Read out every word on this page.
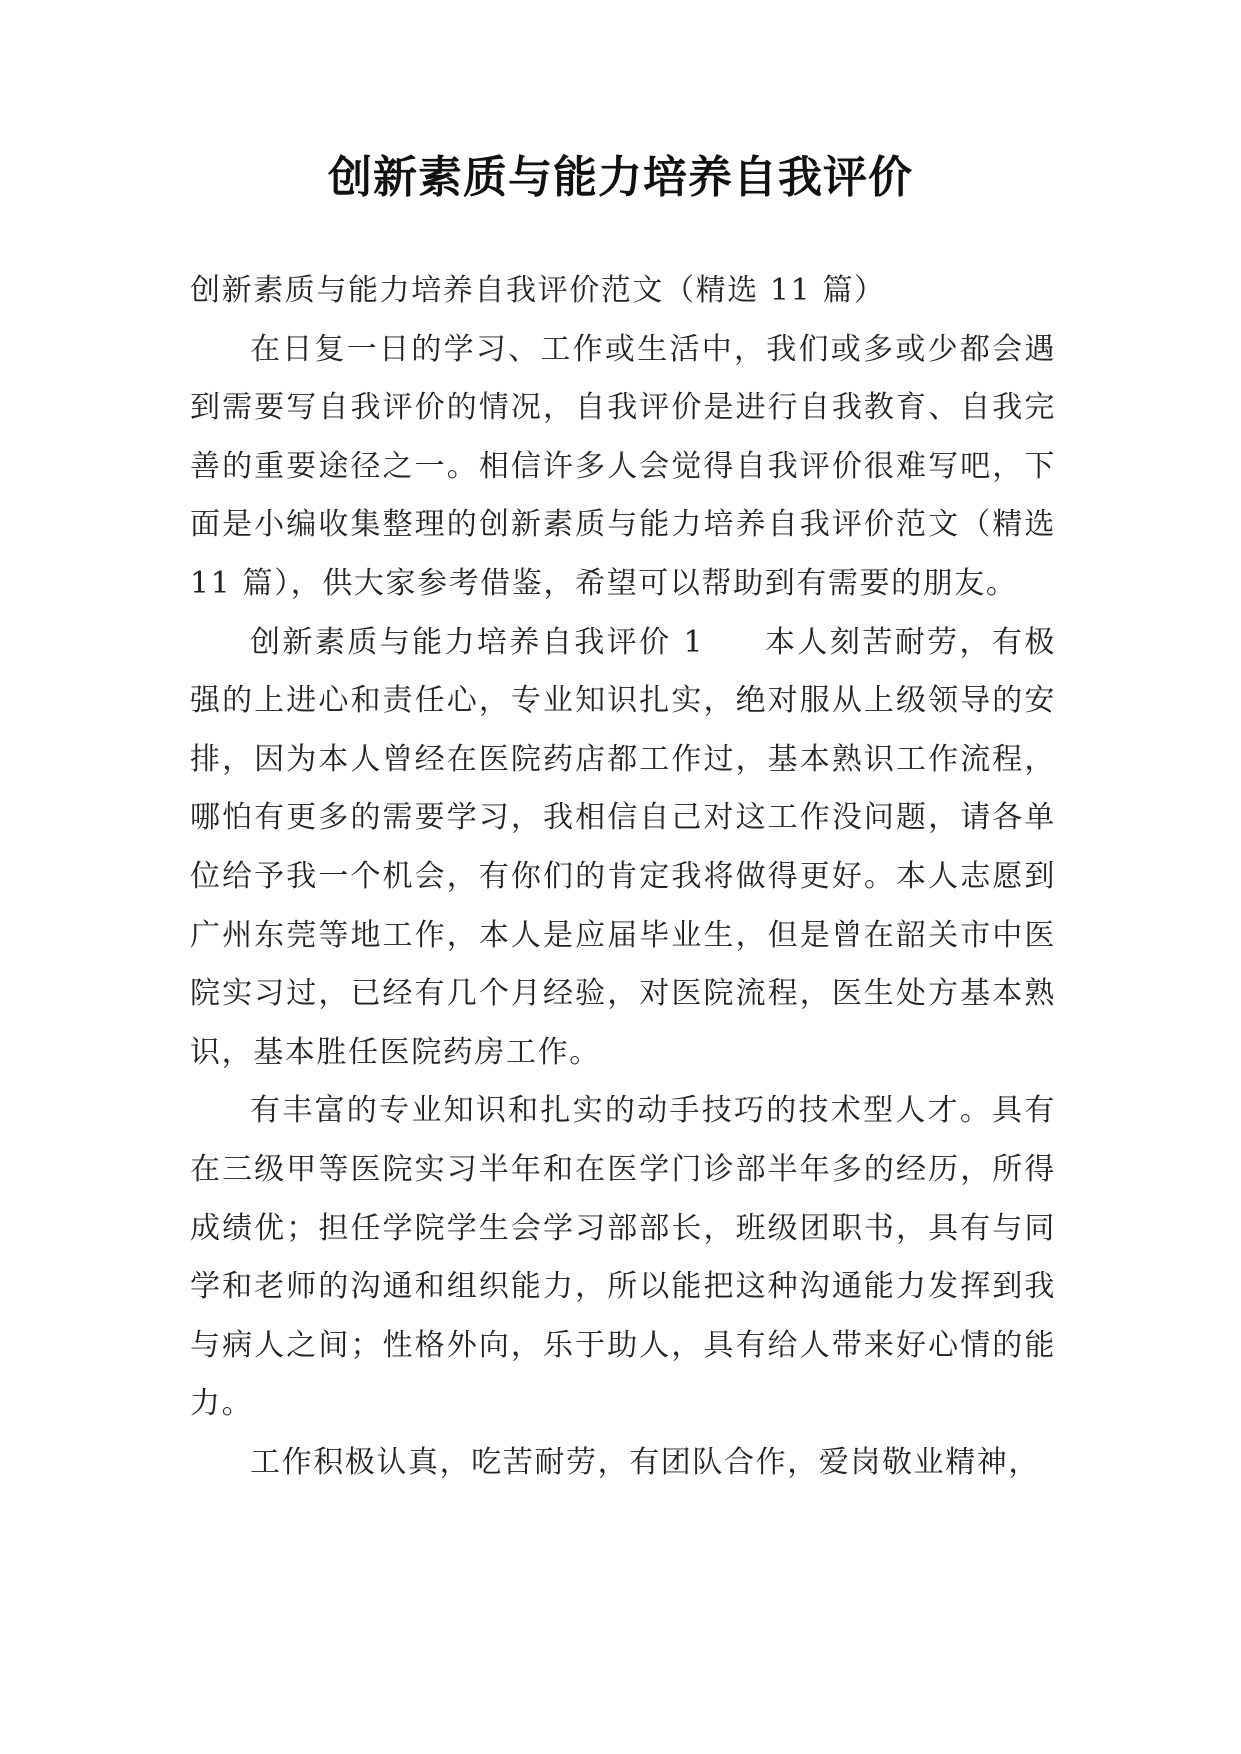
创新素质与能力培养自我评价

创新素质与能力培养自我评价范文（精选 11 篇）

在日复一日的学习、工作或生活中，我们或多或少都会遇到需要写自我评价的情况，自我评价是进行自我教育、自我完善的重要途径之一。相信许多人会觉得自我评价很难写吧，下面是小编收集整理的创新素质与能力培养自我评价范文（精选 11 篇），供大家参考借鉴，希望可以帮助到有需要的朋友。

创新素质与能力培养自我评价 1 本人刻苦耐劳，有极强的上进心和责任心，专业知识扎实，绝对服从上级领导的安排，因为本人曾经在医院药店都工作过，基本熟识工作流程，哪怕有更多的需要学习，我相信自己对这工作没问题，请各单位给予我一个机会，有你们的肯定我将做得更好。本人志愿到广州东莞等地工作，本人是应届毕业生，但是曾在韶关市中医院实习过，已经有几个月经验，对医院流程，医生处方基本熟识，基本胜任医院药房工作。

有丰富的专业知识和扎实的动手技巧的技术型人才。具有在三级甲等医院实习半年和在医学门诊部半年多的经历，所得成绩优；担任学院学生会学习部部长，班级团职书，具有与同学和老师的沟通和组织能力，所以能把这种沟通能力发挥到我与病人之间；性格外向，乐于助人，具有给人带来好心情的能力。

工作积极认真，吃苦耐劳，有团队合作，爱岗敬业精神，
